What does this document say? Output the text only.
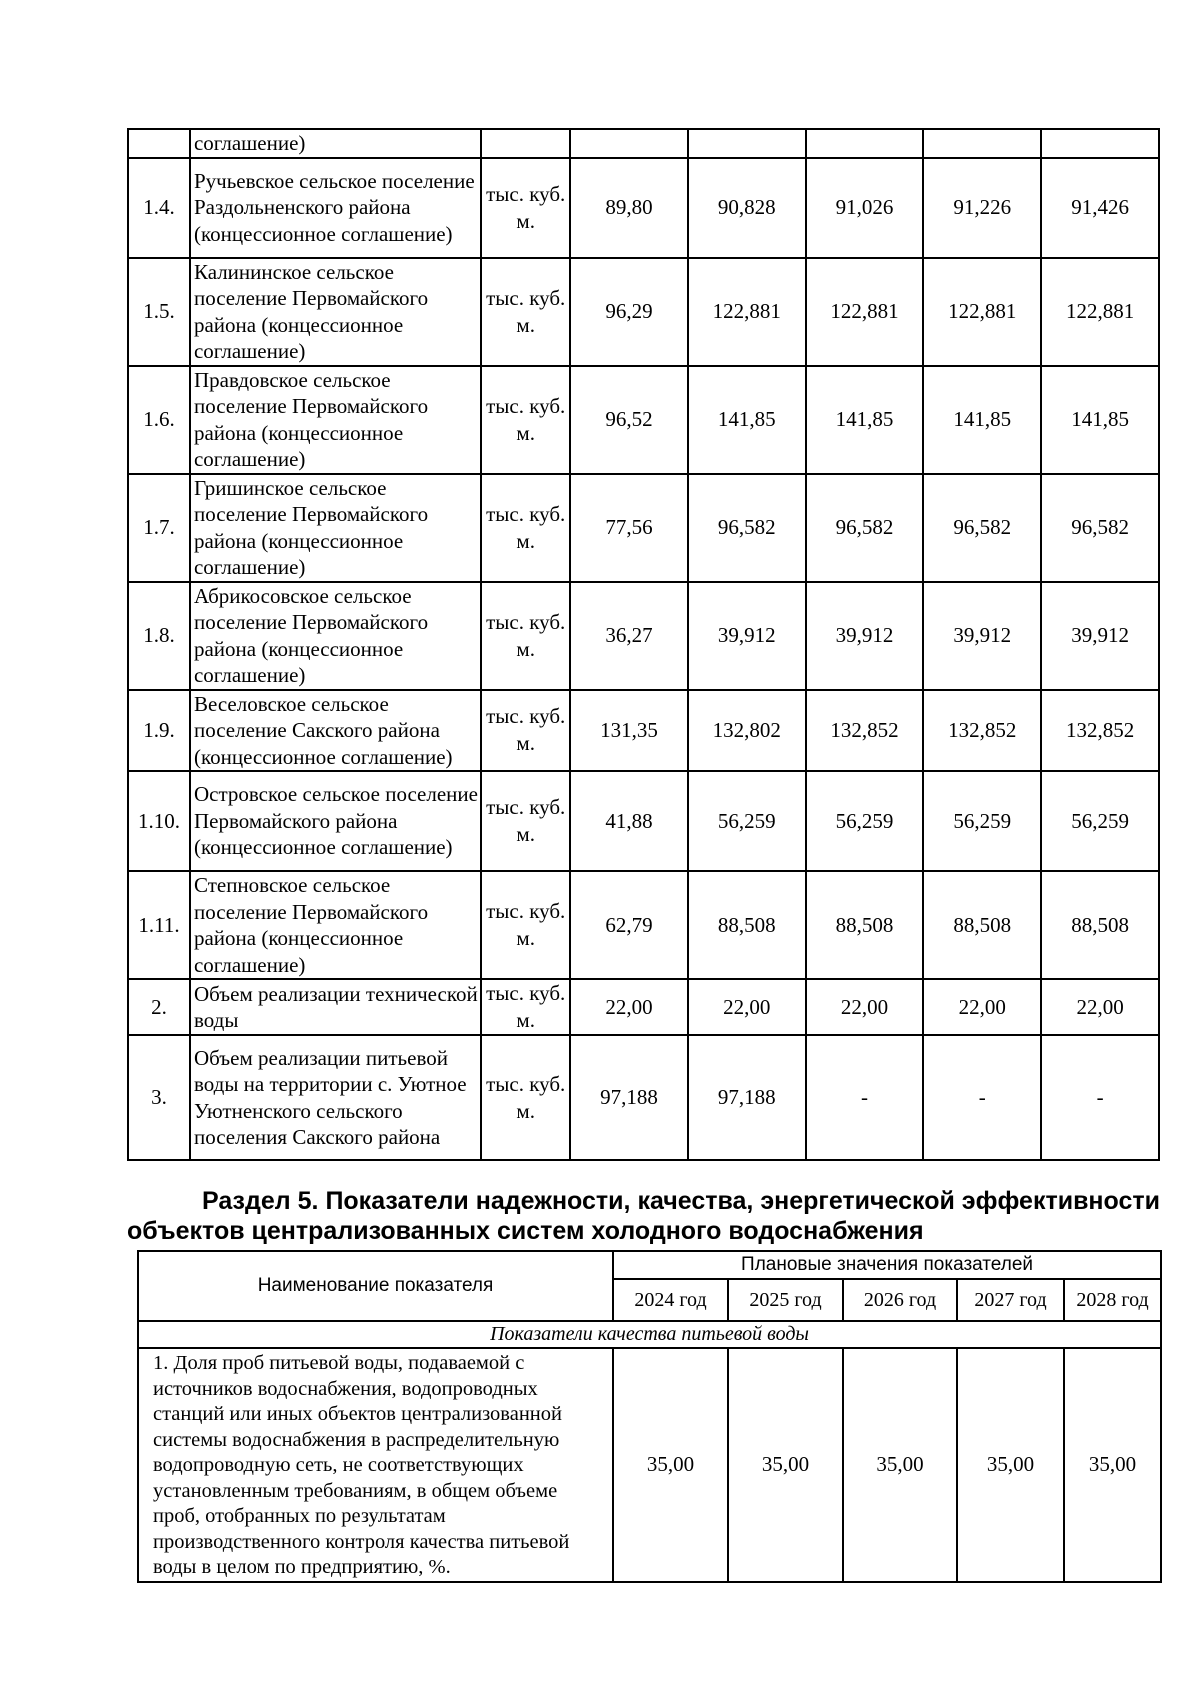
	соглашение)						
1.4.	Ручьевское сельское поселение Раздольненского района (концессионное соглашение)	тыс. куб. м.	89,80	90,828	91,026	91,226	91,426
1.5.	Калининское сельское поселение Первомайского района (концессионное соглашение)	тыс. куб. м.	96,29	122,881	122,881	122,881	122,881
1.6.	Правдовское сельское поселение Первомайского района (концессионное соглашение)	тыс. куб. м.	96,52	141,85	141,85	141,85	141,85
1.7.	Гришинское сельское поселение Первомайского района (концессионное соглашение)	тыс. куб. м.	77,56	96,582	96,582	96,582	96,582
1.8.	Абрикосовское сельское поселение Первомайского района (концессионное соглашение)	тыс. куб. м.	36,27	39,912	39,912	39,912	39,912
1.9.	Веселовское сельское поселение Сакского района (концессионное соглашение)	тыс. куб. м.	131,35	132,802	132,852	132,852	132,852
1.10.	Островское сельское поселение Первомайского района (концессионное соглашение)	тыс. куб. м.	41,88	56,259	56,259	56,259	56,259
1.11.	Степновское сельское поселение Первомайского района (концессионное соглашение)	тыс. куб. м.	62,79	88,508	88,508	88,508	88,508
2.	Объем реализации технической воды	тыс. куб. м.	22,00	22,00	22,00	22,00	22,00
3.	Объем реализации питьевой воды на территории с. Уютное Уютненского сельского поселения Сакского района	тыс. куб. м.	97,188	97,188	-	-	-
Раздел 5. Показатели надежности, качества, энергетической эффективности
объектов централизованных систем холодного водоснабжения
Наименование показателя	Плановые значения показателей				
	2024 год	2025 год	2026 год	2027 год	2028 год
Показатели качества питьевой воды					
1. Доля проб питьевой воды, подаваемой с источников водоснабжения, водопроводных станций или иных объектов централизованной системы водоснабжения в распределительную водопроводную сеть, не соответствующих установленным требованиям, в общем объеме проб, отобранных по результатам производственного контроля качества питьевой воды в целом по предприятию, %.	35,00	35,00	35,00	35,00	35,00
